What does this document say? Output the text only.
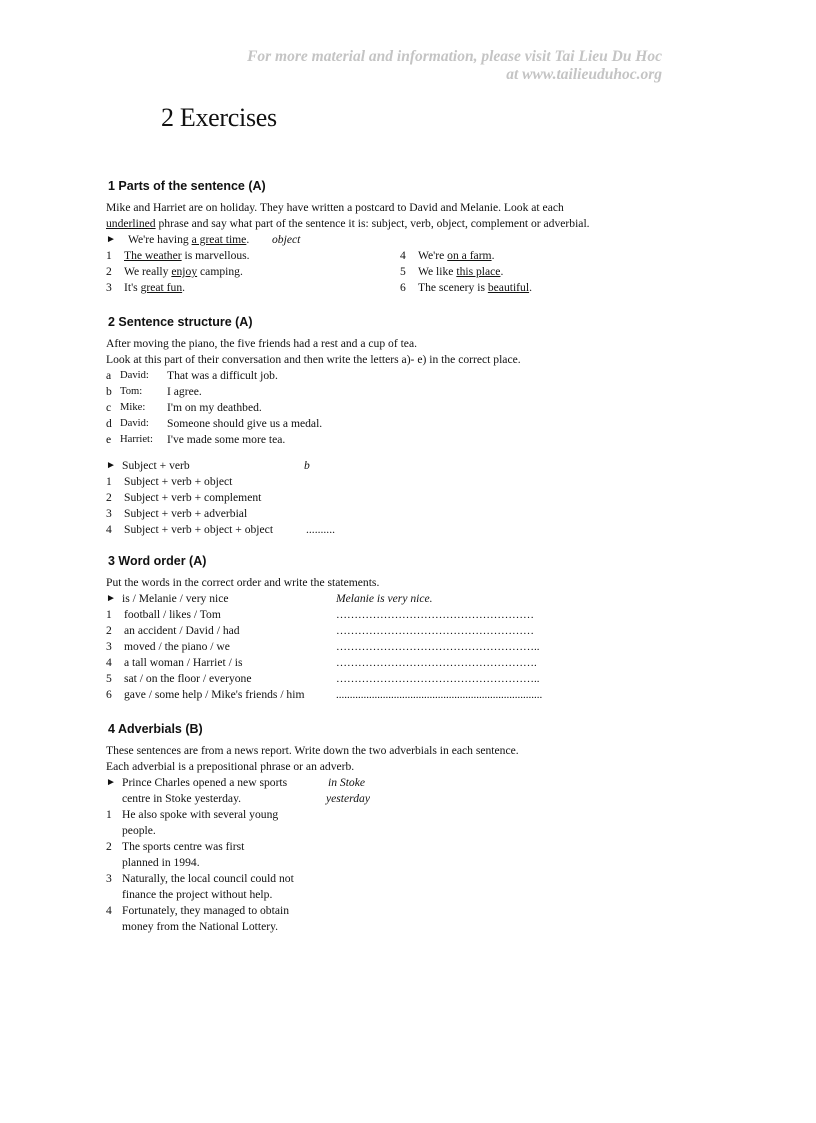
For more material and information, please visit Tai Lieu Du Hoc
at www.tailieuduhoc.org
2 Exercises
1 Parts of the sentence (A)
Mike and Harriet are on holiday. They have written a postcard to David and Melanie. Look at each
underlined phrase and say what part of the sentence it is: subject, verb, object, complement or adverbial.
► We're having a great time. object
1 The weather is marvellous.	4 We're on a farm.
2 We really enjoy camping.	5 We like this place.
3 It's great fun.	6 The scenery is beautiful.
2 Sentence structure (A)
After moving the piano, the five friends had a rest and a cup of tea.
Look at this part of their conversation and then write the letters a)- e) in the correct place.
a David: That was a difficult job.
b Tom: I agree.
c Mike: I'm on my deathbed.
d David: Someone should give us a medal.
e Harriet: I've made some more tea.
► Subject + verb	b
1 Subject + verb + object
2 Subject + verb + complement
3 Subject + verb + adverbial
4 Subject + verb + object + object	..........
3 Word order (A)
Put the words in the correct order and write the statements.
► is / Melanie / very nice	Melanie is very nice.
1 football / likes / Tom	………………………………………………
2 an accident / David / had	………………………………………………
3 moved / the piano / we	………………………………………………..
4 a tall woman / Harriet / is	……………………………………………….
5 sat / on the floor / everyone	………………………………………………..
6 gave / some help / Mike's friends / him	...........................................................................
4 Adverbials (B)
These sentences are from a news report. Write down the two adverbials in each sentence.
Each adverbial is a prepositional phrase or an adverb.
► Prince Charles opened a new sports	in Stoke
centre in Stoke yesterday.	yesterday
1 He also spoke with several young
people.
2 The sports centre was first
planned in 1994.
3 Naturally, the local council could not
finance the project without help.
4 Fortunately, they managed to obtain
money from the National Lottery.
